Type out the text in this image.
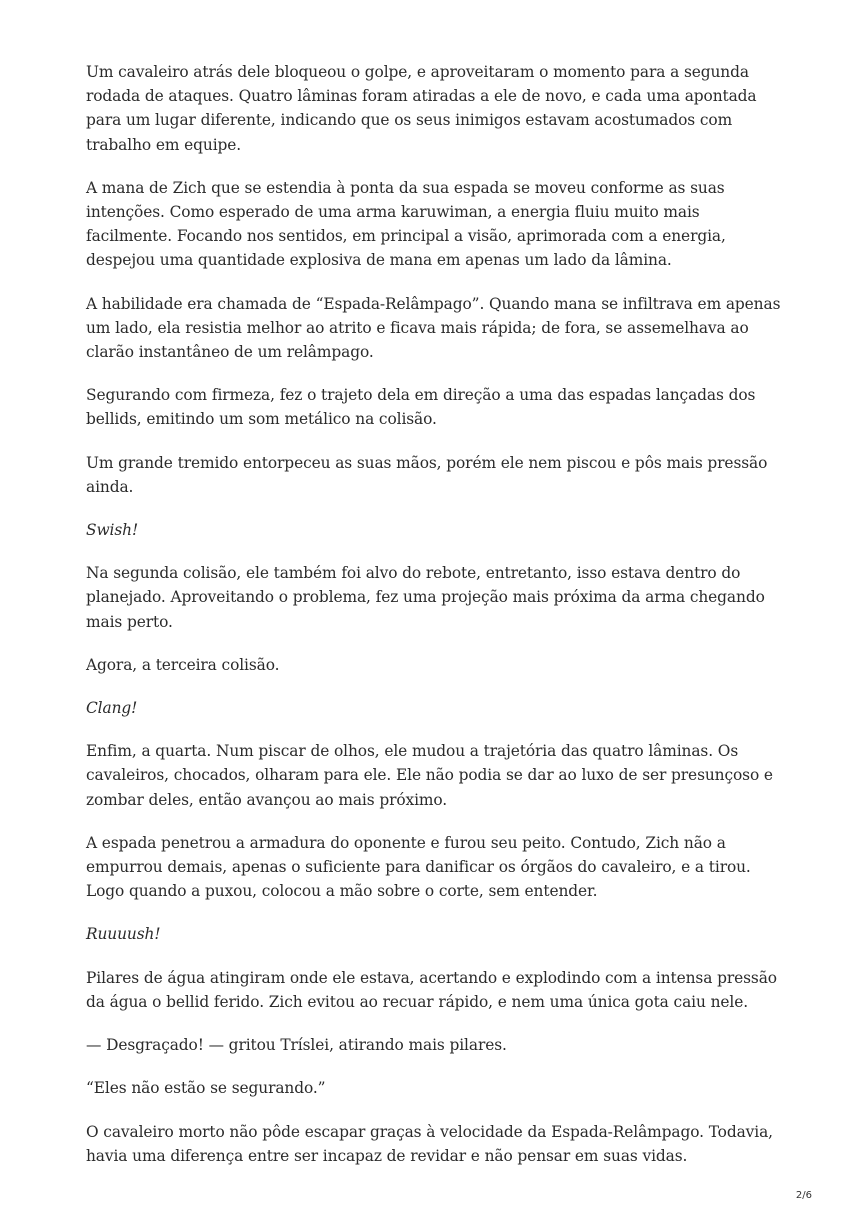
Um cavaleiro atrás dele bloqueou o golpe, e aproveitaram o momento para a segunda rodada de ataques. Quatro lâminas foram atiradas a ele de novo, e cada uma apontada para um lugar diferente, indicando que os seus inimigos estavam acostumados com trabalho em equipe.

A mana de Zich que se estendia à ponta da sua espada se moveu conforme as suas intenções. Como esperado de uma arma karuwiman, a energia fluiu muito mais facilmente. Focando nos sentidos, em principal a visão, aprimorada com a energia, despejou uma quantidade explosiva de mana em apenas um lado da lâmina.

A habilidade era chamada de “Espada-Relâmpago”. Quando mana se infiltrava em apenas um lado, ela resistia melhor ao atrito e ficava mais rápida; de fora, se assemelhava ao clarão instantâneo de um relâmpago.

Segurando com firmeza, fez o trajeto dela em direção a uma das espadas lançadas dos bellids, emitindo um som metálico na colisão.

Um grande tremido entorpeceu as suas mãos, porém ele nem piscou e pôs mais pressão ainda.

Swish!

Na segunda colisão, ele também foi alvo do rebote, entretanto, isso estava dentro do planejado. Aproveitando o problema, fez uma projeção mais próxima da arma chegando mais perto.

Agora, a terceira colisão.

Clang!

Enfim, a quarta. Num piscar de olhos, ele mudou a trajetória das quatro lâminas. Os cavaleiros, chocados, olharam para ele. Ele não podia se dar ao luxo de ser presunçoso e zombar deles, então avançou ao mais próximo.

A espada penetrou a armadura do oponente e furou seu peito. Contudo, Zich não a empurrou demais, apenas o suficiente para danificar os órgãos do cavaleiro, e a tirou. Logo quando a puxou, colocou a mão sobre o corte, sem entender.

Ruuuush!

Pilares de água atingiram onde ele estava, acertando e explodindo com a intensa pressão da água o bellid ferido. Zich evitou ao recuar rápido, e nem uma única gota caiu nele.

— Desgraçado! — gritou Tríslei, atirando mais pilares.

“Eles não estão se segurando.”

O cavaleiro morto não pôde escapar graças à velocidade da Espada-Relâmpago. Todavia, havia uma diferença entre ser incapaz de revidar e não pensar em suas vidas.

2/6
